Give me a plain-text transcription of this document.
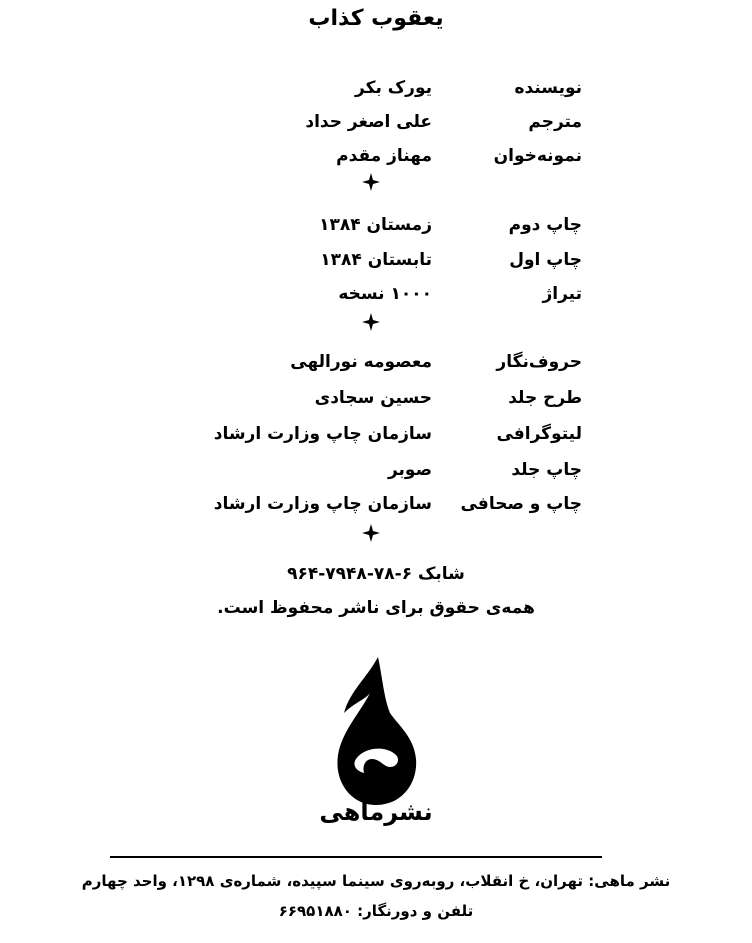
یعقوب کذاب
نویسنده
یورک بکر
مترجم
علی اصغر حداد
نمونه‌خوان
مهناز مقدم
چاپ دوم
زمستان ۱۳۸۴
چاپ اول
تابستان ۱۳۸۴
تیراژ
۱۰۰۰ نسخه
حروف‌نگار
معصومه نورالهی
طرح جلد
حسین سجادی
لیتوگرافی
سازمان چاپ وزارت ارشاد
چاپ جلد
صوبر
چاپ و صحافی
سازمان چاپ وزارت ارشاد
شابک ۶-۷۸-۷۹۴۸-۹۶۴
همه‌ی حقوق برای ناشر محفوظ است.
نشرماهی
نشر ماهی: تهران، خ انقلاب، روبه‌روی سینما سپیده، شماره‌ی ۱۲۹۸، واحد چهارم
تلفن و دورنگار: ۶۶۹۵۱۸۸۰
